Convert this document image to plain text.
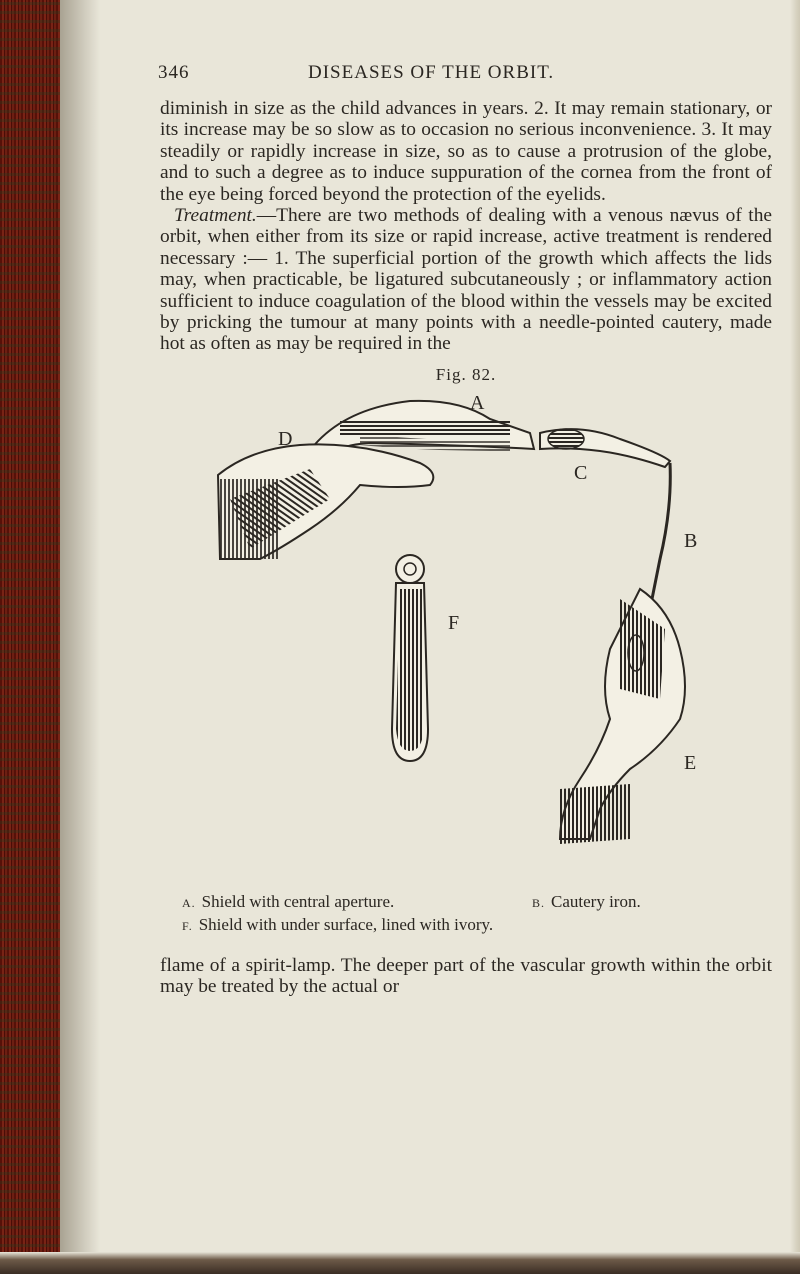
346	DISEASES OF THE ORBIT.

diminish in size as the child advances in years. 2. It may remain stationary, or its increase may be so slow as to occasion no serious inconvenience. 3. It may steadily or rapidly increase in size, so as to cause a protrusion of the globe, and to such a degree as to induce suppuration of the cornea from the front of the eye being forced beyond the protection of the eyelids.

Treatment.—There are two methods of dealing with a venous nævus of the orbit, when either from its size or rapid increase, active treatment is rendered necessary :— 1. The superficial portion of the growth which affects the lids may, when practicable, be ligatured subcutaneously ; or inflammatory action sufficient to induce coagulation of the blood within the vessels may be excited by pricking the tumour at many points with a needle-pointed cautery, made hot as often as may be required in the

Fig. 82.
A
D
C
B
F
E
A. Shield with central aperture.	B. Cautery iron.
F. Shield with under surface, lined with ivory.

flame of a spirit-lamp. The deeper part of the vascular growth within the orbit may be treated by the actual or
